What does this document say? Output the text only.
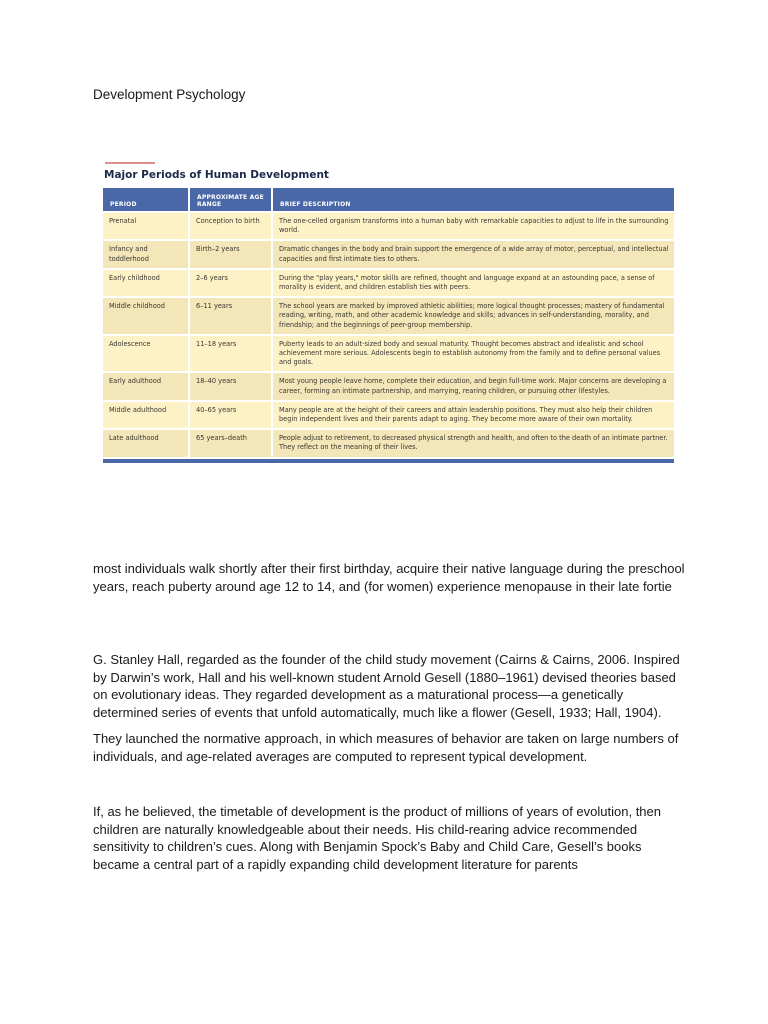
Development Psychology
Major Periods of Human Development
PERIOD	APPROXIMATE AGE RANGE	BRIEF DESCRIPTION
Prenatal	Conception to birth	The one-celled organism transforms into a human baby with remarkable capacities to adjust to life in the surrounding world.
Infancy and toddlerhood	Birth–2 years	Dramatic changes in the body and brain support the emergence of a wide array of motor, perceptual, and intellectual capacities and first intimate ties to others.
Early childhood	2–6 years	During the "play years," motor skills are refined, thought and language expand at an astounding pace, a sense of morality is evident, and children establish ties with peers.
Middle childhood	6–11 years	The school years are marked by improved athletic abilities; more logical thought processes; mastery of fundamental reading, writing, math, and other academic knowledge and skills; advances in self-understanding, morality, and friendship; and the beginnings of peer-group membership.
Adolescence	11–18 years	Puberty leads to an adult-sized body and sexual maturity. Thought becomes abstract and idealistic and school achievement more serious. Adolescents begin to establish autonomy from the family and to define personal values and goals.
Early adulthood	18–40 years	Most young people leave home, complete their education, and begin full-time work. Major concerns are developing a career, forming an intimate partnership, and marrying, rearing children, or pursuing other lifestyles.
Middle adulthood	40–65 years	Many people are at the height of their careers and attain leadership positions. They must also help their children begin independent lives and their parents adapt to aging. They become more aware of their own mortality.
Late adulthood	65 years–death	People adjust to retirement, to decreased physical strength and health, and often to the death of an intimate partner. They reflect on the meaning of their lives.

most individuals walk shortly after their first birthday, acquire their native language during the preschool years, reach puberty around age 12 to 14, and (for women) experience menopause in their late fortie

G. Stanley Hall, regarded as the founder of the child study movement (Cairns & Cairns, 2006. Inspired by Darwin’s work, Hall and his well-known student Arnold Gesell (1880–1961) devised theories based on evolutionary ideas. They regarded development as a maturational process—a genetically determined series of events that unfold automatically, much like a flower (Gesell, 1933; Hall, 1904).

They launched the normative approach, in which measures of behavior are taken on large numbers of individuals, and age-related averages are computed to represent typical development.

If, as he believed, the timetable of development is the product of millions of years of evolution, then children are naturally knowledgeable about their needs. His child-rearing advice recommended sensitivity to children’s cues. Along with Benjamin Spock’s Baby and Child Care, Gesell’s books became a central part of a rapidly expanding child development literature for parents
